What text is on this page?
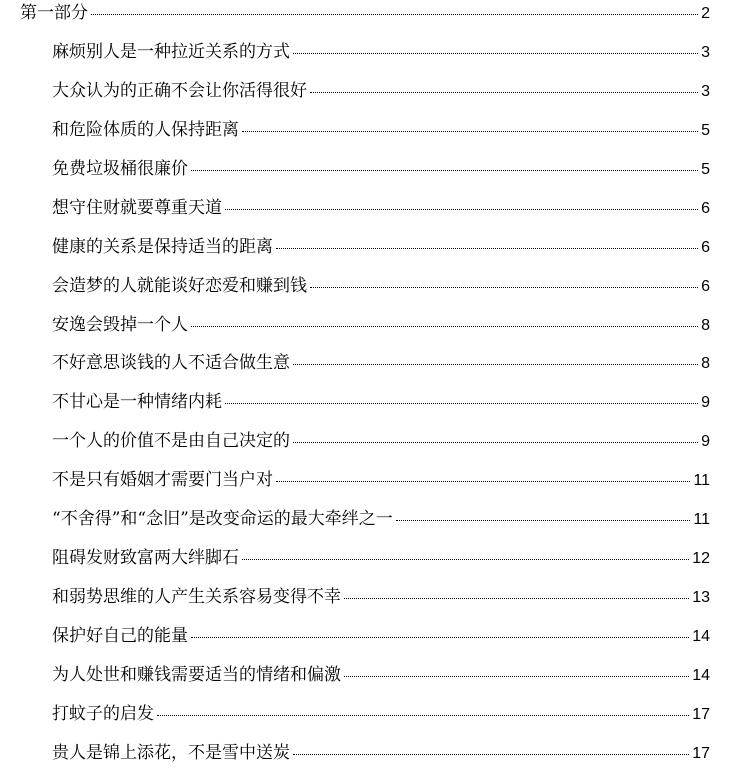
第一部分	2
麻烦别人是一种拉近关系的方式	3
大众认为的正确不会让你活得很好	3
和危险体质的人保持距离	5
免费垃圾桶很廉价	5
想守住财就要尊重天道	6
健康的关系是保持适当的距离	6
会造梦的人就能谈好恋爱和赚到钱	6
安逸会毁掉一个人	8
不好意思谈钱的人不适合做生意	8
不甘心是一种情绪内耗	9
一个人的价值不是由自己决定的	9
不是只有婚姻才需要门当户对	11
“不舍得”和“念旧”是改变命运的最大牵绊之一	11
阻碍发财致富两大绊脚石	12
和弱势思维的人产生关系容易变得不幸	13
保护好自己的能量	14
为人处世和赚钱需要适当的情绪和偏激	14
打蚊子的启发	17
贵人是锦上添花，不是雪中送炭	17
